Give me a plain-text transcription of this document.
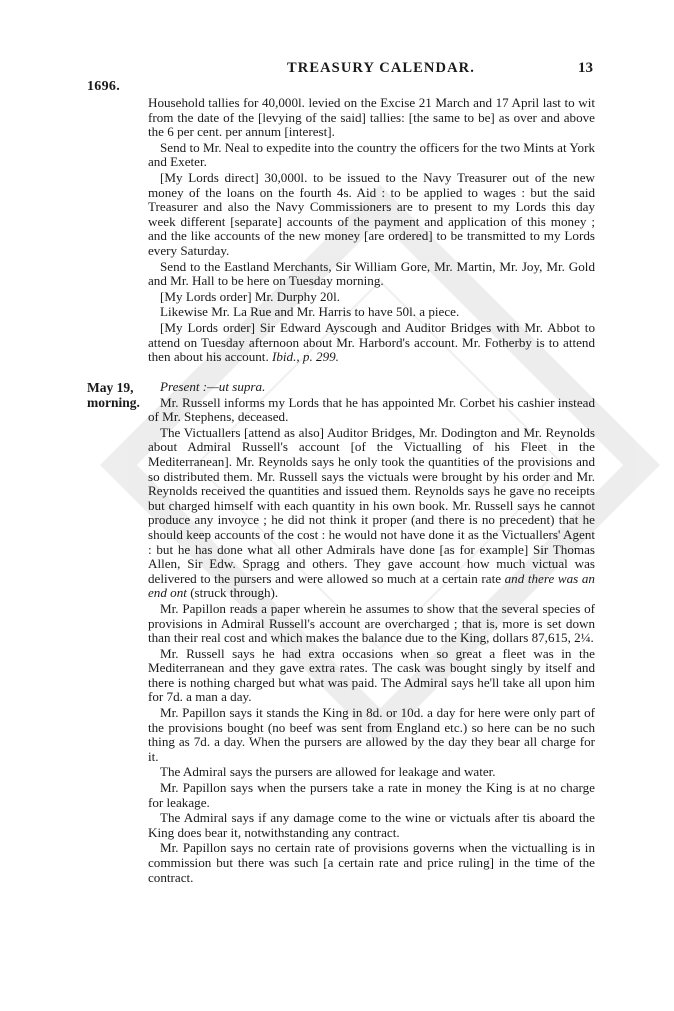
1696.
TREASURY CALENDAR.	13
May 19,
morning.

Household tallies for 40,000l. levied on the Excise 21 March and 17 April last to wit from the date of the [levying of the said] tallies: [the same to be] as over and above the 6 per cent. per annum [interest].

Send to Mr. Neal to expedite into the country the officers for the two Mints at York and Exeter.

[My Lords direct] 30,000l. to be issued to the Navy Treasurer out of the new money of the loans on the fourth 4s. Aid : to be applied to wages : but the said Treasurer and also the Navy Commissioners are to present to my Lords this day week different [separate] accounts of the payment and application of this money ; and the like accounts of the new money [are ordered] to be transmitted to my Lords every Saturday.

Send to the Eastland Merchants, Sir William Gore, Mr. Martin, Mr. Joy, Mr. Gold and Mr. Hall to be here on Tuesday morning.

[My Lords order] Mr. Durphy 20l.

Likewise Mr. La Rue and Mr. Harris to have 50l. a piece.

[My Lords order] Sir Edward Ayscough and Auditor Bridges with Mr. Abbot to attend on Tuesday afternoon about Mr. Harbord's account. Mr. Fotherby is to attend then about his account. Ibid., p. 299.

Present :—ut supra.

Mr. Russell informs my Lords that he has appointed Mr. Corbet his cashier instead of Mr. Stephens, deceased.

The Victuallers [attend as also] Auditor Bridges, Mr. Dodington and Mr. Reynolds about Admiral Russell's account [of the Victualling of his Fleet in the Mediterranean]. Mr. Reynolds says he only took the quantities of the provisions and so distributed them. Mr. Russell says the victuals were brought by his order and Mr. Reynolds received the quantities and issued them. Reynolds says he gave no receipts but charged himself with each quantity in his own book. Mr. Russell says he cannot produce any invoyce ; he did not think it proper (and there is no precedent) that he should keep accounts of the cost : he would not have done it as the Victuallers' Agent : but he has done what all other Admirals have done [as for example] Sir Thomas Allen, Sir Edw. Spragg and others. They gave account how much victual was delivered to the pursers and were allowed so much at a certain rate and there was an end ont (struck through).

Mr. Papillon reads a paper wherein he assumes to show that the several species of provisions in Admiral Russell's account are overcharged ; that is, more is set down than their real cost and which makes the balance due to the King, dollars 87,615, 2¼.

Mr. Russell says he had extra occasions when so great a fleet was in the Mediterranean and they gave extra rates. The cask was bought singly by itself and there is nothing charged but what was paid. The Admiral says he'll take all upon him for 7d. a man a day.

Mr. Papillon says it stands the King in 8d. or 10d. a day for here were only part of the provisions bought (no beef was sent from England etc.) so here can be no such thing as 7d. a day. When the pursers are allowed by the day they bear all charge for it.

The Admiral says the pursers are allowed for leakage and water.

Mr. Papillon says when the pursers take a rate in money the King is at no charge for leakage.

The Admiral says if any damage come to the wine or victuals after tis aboard the King does bear it, notwithstanding any contract.

Mr. Papillon says no certain rate of provisions governs when the victualling is in commission but there was such [a certain rate and price ruling] in the time of the contract.
